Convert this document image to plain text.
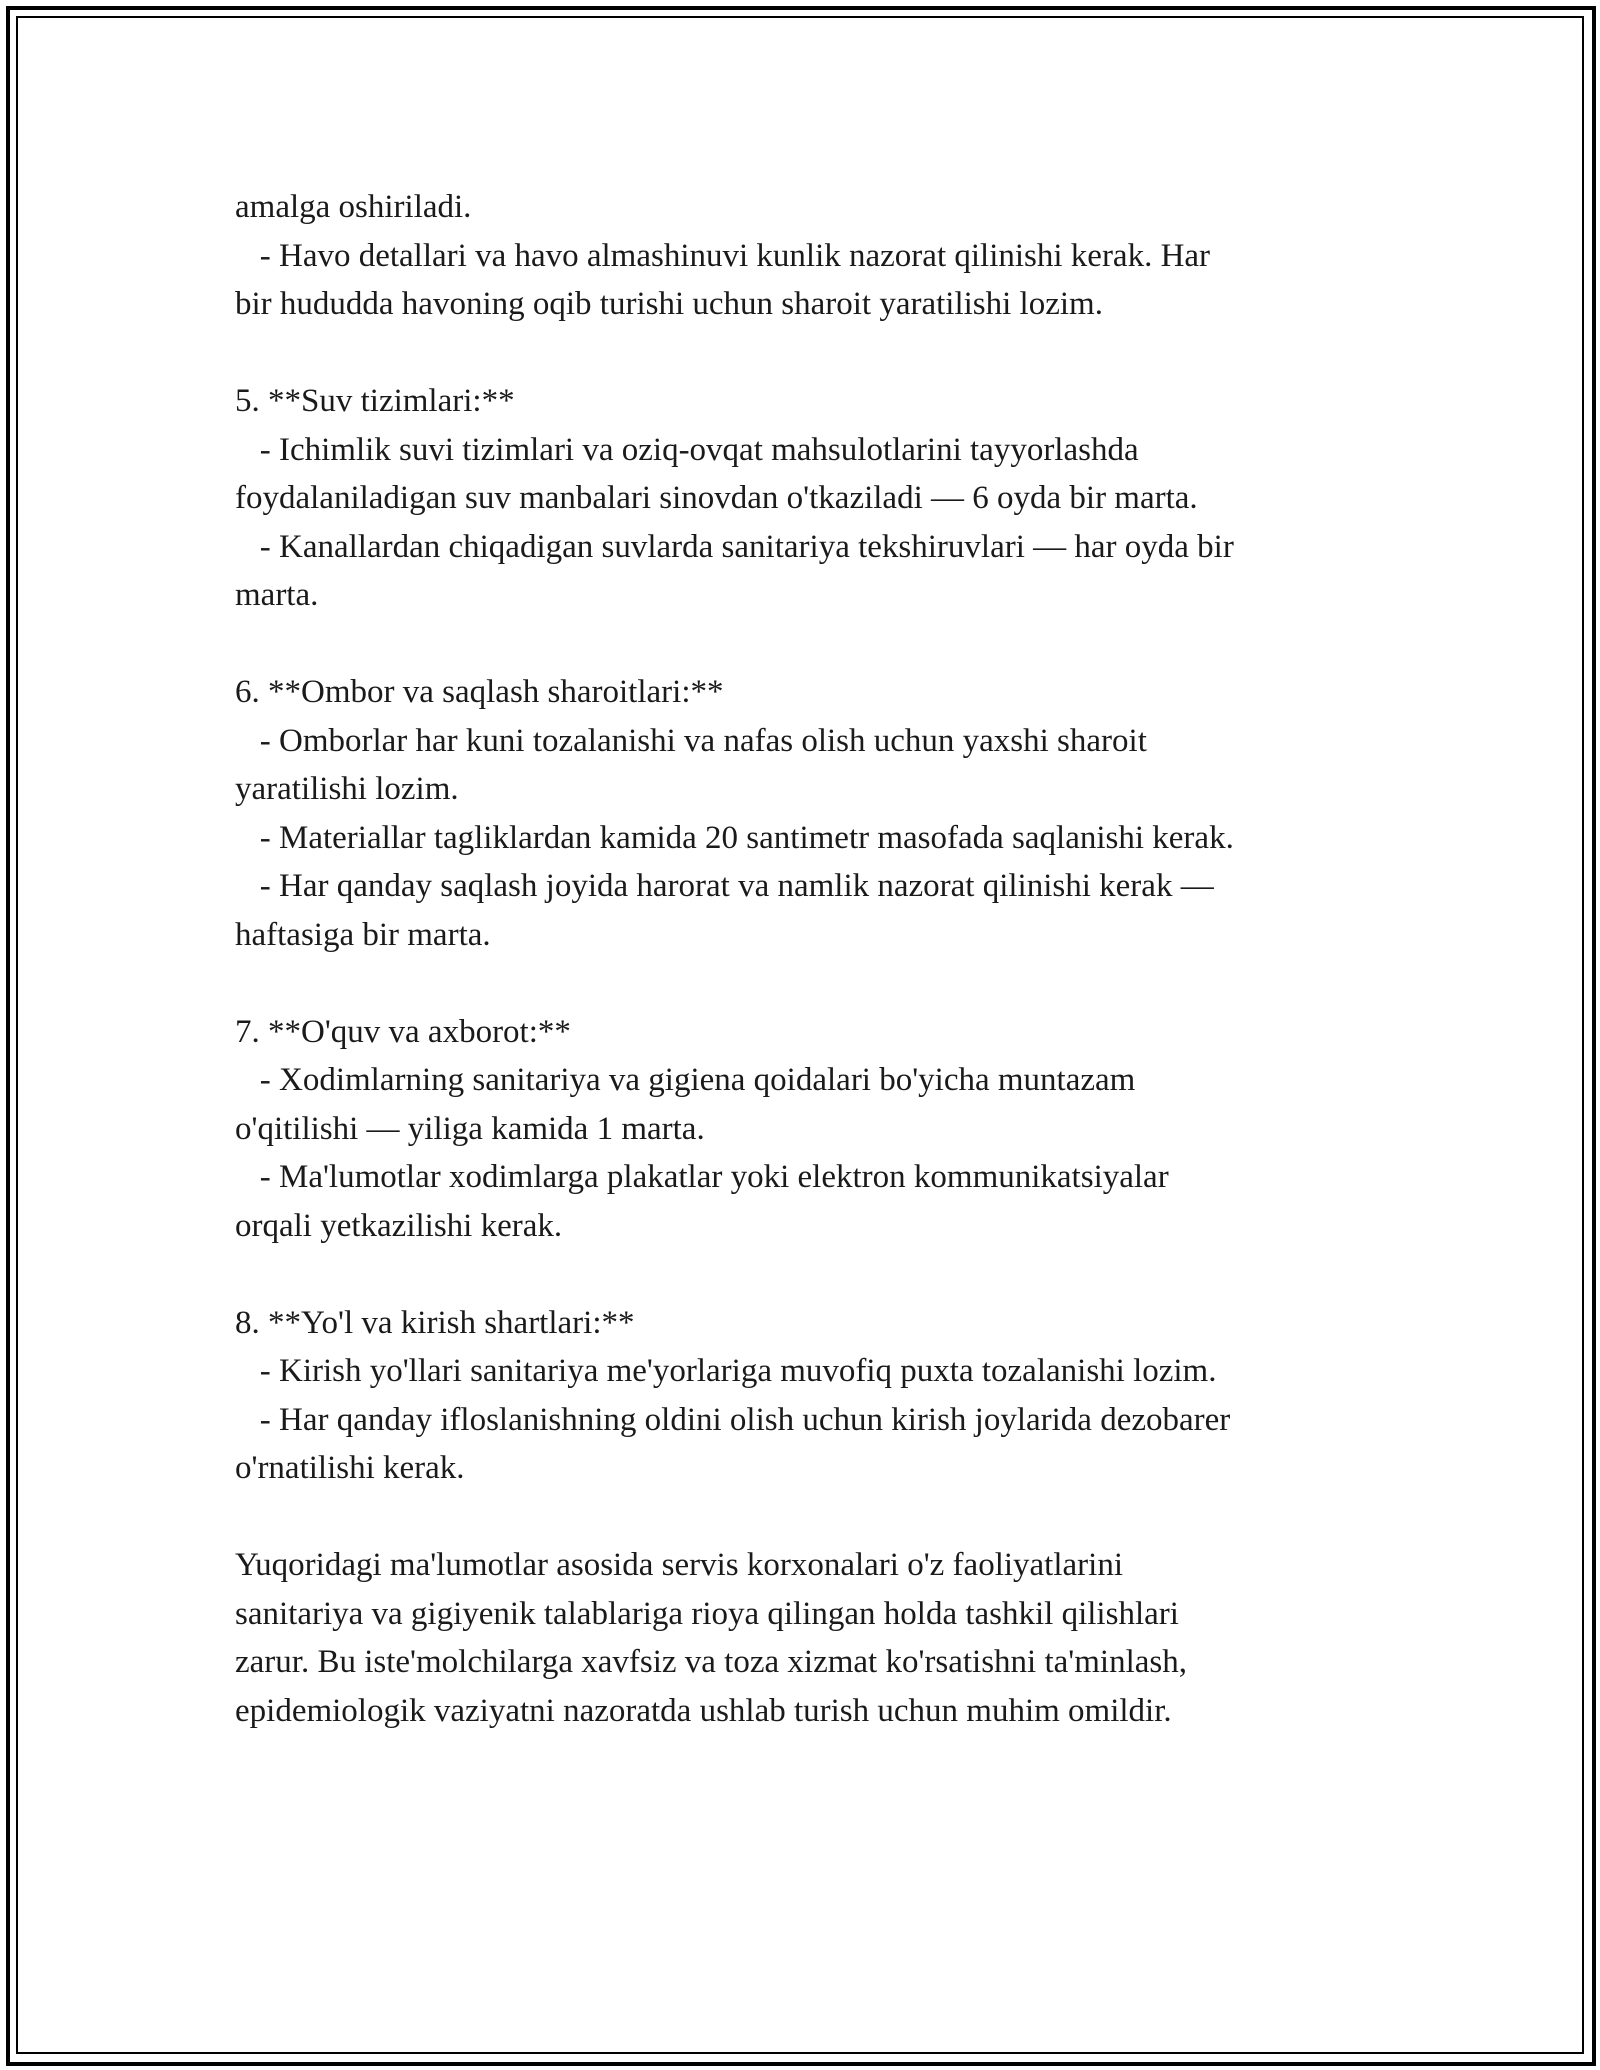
amalga oshiriladi.

- Havo detallari va havo almashinuvi kunlik nazorat qilinishi kerak. Har

bir hududda havoning oqib turishi uchun sharoit yaratilishi lozim.

5. **Suv tizimlari:**

- Ichimlik suvi tizimlari va oziq-ovqat mahsulotlarini tayyorlashda

foydalaniladigan suv manbalari sinovdan o'tkaziladi — 6 oyda bir marta.

- Kanallardan chiqadigan suvlarda sanitariya tekshiruvlari — har oyda bir

marta.

6. **Ombor va saqlash sharoitlari:**

- Omborlar har kuni tozalanishi va nafas olish uchun yaxshi sharoit

yaratilishi lozim.

- Materiallar tagliklardan kamida 20 santimetr masofada saqlanishi kerak.

- Har qanday saqlash joyida harorat va namlik nazorat qilinishi kerak —

haftasiga bir marta.

7. **O'quv va axborot:**

- Xodimlarning sanitariya va gigiena qoidalari bo'yicha muntazam

o'qitilishi — yiliga kamida 1 marta.

- Ma'lumotlar xodimlarga plakatlar yoki elektron kommunikatsiyalar

orqali yetkazilishi kerak.

8. **Yo'l va kirish shartlari:**

- Kirish yo'llari sanitariya me'yorlariga muvofiq puxta tozalanishi lozim.

- Har qanday ifloslanishning oldini olish uchun kirish joylarida dezobarer

o'rnatilishi kerak.

Yuqoridagi ma'lumotlar asosida servis korxonalari o'z faoliyatlarini

sanitariya va gigiyenik talablariga rioya qilingan holda tashkil qilishlari

zarur. Bu iste'molchilarga xavfsiz va toza xizmat ko'rsatishni ta'minlash,

epidemiologik vaziyatni nazoratda ushlab turish uchun muhim omildir.
